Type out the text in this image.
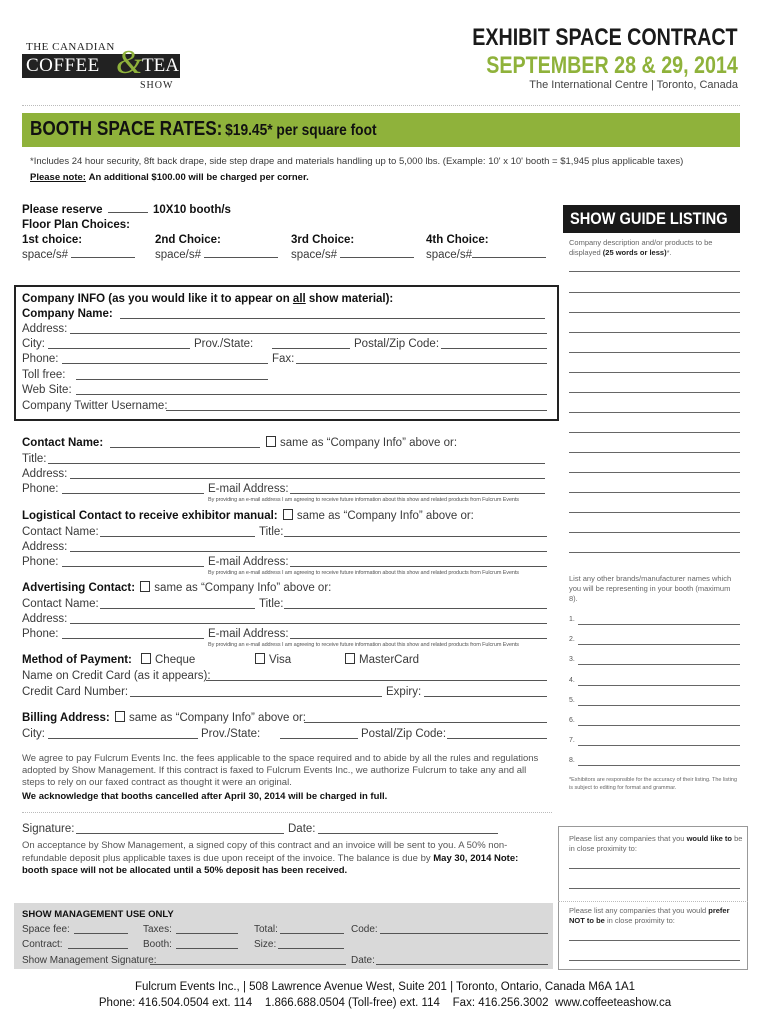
THE CANADIAN
COFFEE & TEA
SHOW
EXHIBIT SPACE CONTRACT
SEPTEMBER 28 & 29, 2014
The International Centre | Toronto, Canada
BOOTH SPACE RATES: $19.45* per square foot
*Includes 24 hour security, 8ft back drape, side step drape and materials handling up to 5,000 lbs. (Example: 10' x 10' booth = $1,945 plus applicable taxes)
Please note: An additional $100.00 will be charged per corner.
Please reserve	10X10 booth/s
Floor Plan Choices:
1st choice:	2nd Choice:	3rd Choice:	4th Choice:
space/s#	space/s#	space/s#	space/s#
Company INFO (as you would like it to appear on all show material):
Company Name:
Address:
City:	Prov./State:	Postal/Zip Code:
Phone:	Fax:
Toll free:
Web Site:
Company Twitter Username:
Contact Name:	same as “Company Info” above or:
Title:
Address:
Phone:	E-mail Address:
By providing an e-mail address I am agreeing to receive future information about this show and related products from Fulcrum Events
Logistical Contact to receive exhibitor manual: same as “Company Info” above or:
Contact Name:	Title:
Address:
Phone:	E-mail Address:
By providing an e-mail address I am agreeing to receive future information about this show and related products from Fulcrum Events
Advertising Contact: same as “Company Info” above or:
Contact Name:	Title:
Address:
Phone:	E-mail Address:
By providing an e-mail address I am agreeing to receive future information about this show and related products from Fulcrum Events
Method of Payment:	Cheque	Visa	MasterCard
Name on Credit Card (as it appears):
Credit Card Number:	Expiry:
Billing Address: same as “Company Info” above or:
City:	Prov./State:	Postal/Zip Code:
We agree to pay Fulcrum Events Inc. the fees applicable to the space required and to abide by all the rules and regulations adopted by Show Management. If this contract is faxed to Fulcrum Events Inc., we authorize Fulcrum to take any and all steps to rely on our faxed contract as thought it were an original.
We acknowledge that booths cancelled after April 30, 2014 will be charged in full.
Signature:	Date:
On acceptance by Show Management, a signed copy of this contract and an invoice will be sent to you. A 50% non-refundable deposit plus applicable taxes is due upon receipt of the invoice. The balance is due by May 30, 2014 Note: booth space will not be allocated until a 50% deposit has been received.
SHOW MANAGEMENT USE ONLY
Space fee:	Taxes:	Total:	Code:
Contract:	Booth:	Size:
Show Management Signature:	Date:
SHOW GUIDE LISTING
Company description and/or products to be displayed (25 words or less)*.
List any other brands/manufacturer names which you will be representing in your booth (maximum 8).
1.
2.
3.
4.
5.
6.
7.
8.
*Exhibitors are responsible for the accuracy of their listing. The listing is subject to editing for format and grammar.
Please list any companies that you would like to be in close proximity to:
Please list any companies that you would prefer NOT to be in close proximity to:
Fulcrum Events Inc., | 508 Lawrence Avenue West, Suite 201 | Toronto, Ontario, Canada M6A 1A1
Phone: 416.504.0504 ext. 114    1.866.688.0504 (Toll-free) ext. 114    Fax: 416.256.3002  www.coffeeteashow.ca
